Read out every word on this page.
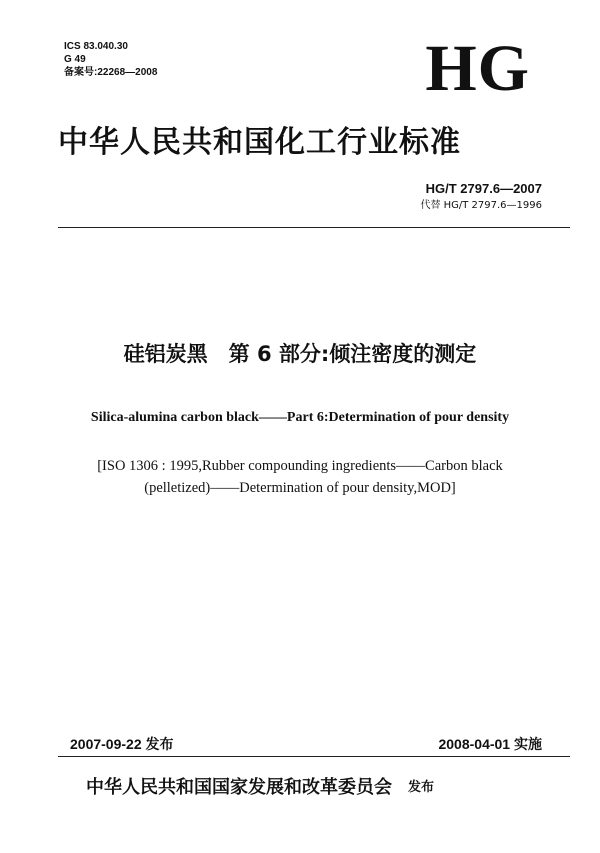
ICS 83.040.30
G 49
备案号:22268—2008	HG
中华人民共和国化工行业标准
HG/T 2797.6—2007
代替 HG/T 2797.6—1996
硅铝炭黑　第 6 部分:倾注密度的测定
Silica-alumina carbon black——Part 6:Determination of pour density
[ISO 1306 : 1995,Rubber compounding ingredients——Carbon black
(pelletized)——Determination of pour density,MOD]
2007-09-22 发布	2008-04-01 实施
中华人民共和国国家发展和改革委员会 发布
